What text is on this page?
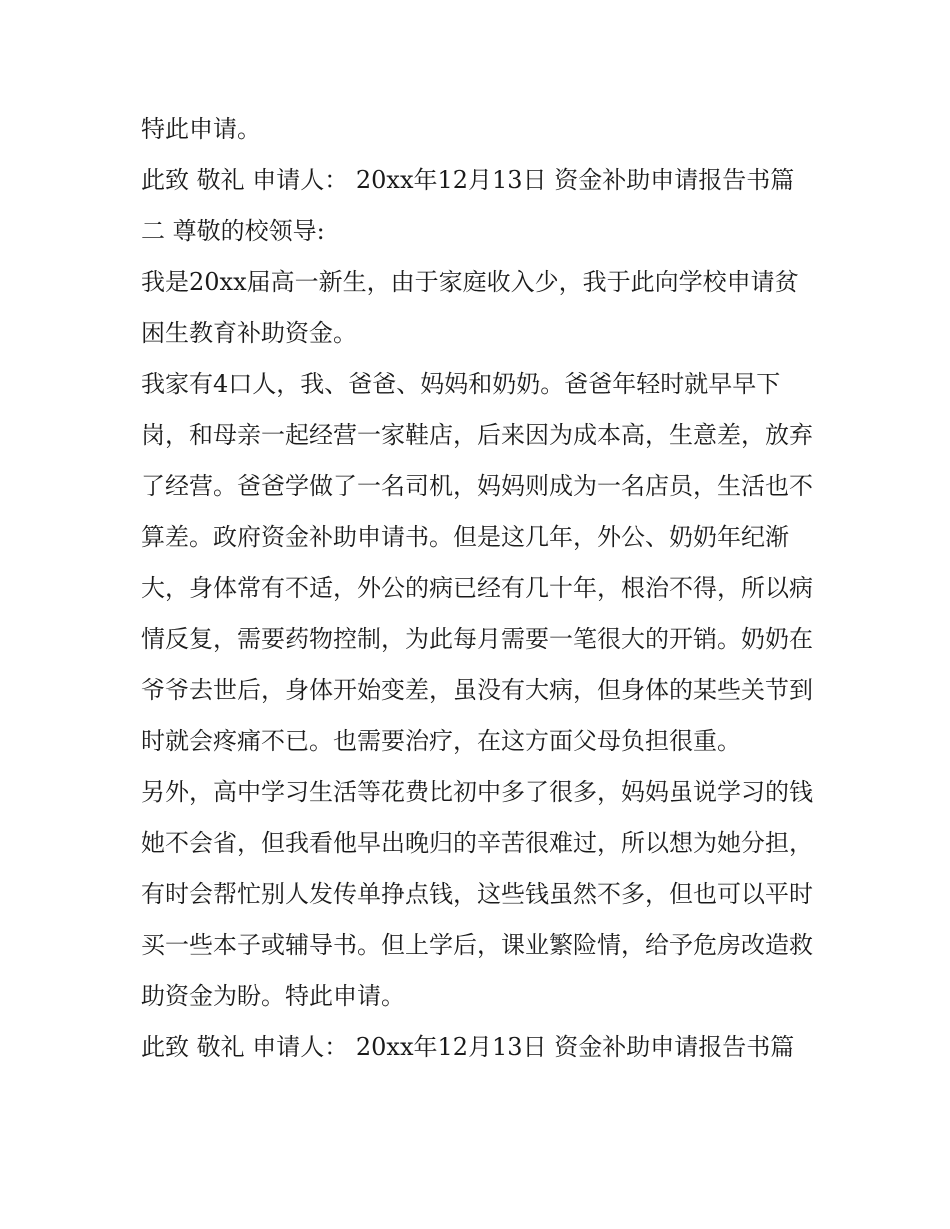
特此申请。

此致 敬礼 申请人： 20xx年12月13日 资金补助申请报告书篇二 尊敬的校领导:

我是20xx届高一新生，由于家庭收入少，我于此向学校申请贫困生教育补助资金。

我家有4口人，我、爸爸、妈妈和奶奶。爸爸年轻时就早早下岗，和母亲一起经营一家鞋店，后来因为成本高，生意差，放弃了经营。爸爸学做了一名司机，妈妈则成为一名店员，生活也不算差。政府资金补助申请书。但是这几年，外公、奶奶年纪渐大，身体常有不适，外公的病已经有几十年，根治不得，所以病情反复，需要药物控制，为此每月需要一笔很大的开销。奶奶在爷爷去世后，身体开始变差，虽没有大病，但身体的某些关节到时就会疼痛不已。也需要治疗，在这方面父母负担很重。

另外，高中学习生活等花费比初中多了很多，妈妈虽说学习的钱她不会省，但我看他早出晚归的辛苦很难过，所以想为她分担，有时会帮忙别人发传单挣点钱，这些钱虽然不多，但也可以平时买一些本子或辅导书。但上学后，课业繁险情，给予危房改造救助资金为盼。特此申请。

此致 敬礼 申请人： 20xx年12月13日 资金补助申请报告书篇
